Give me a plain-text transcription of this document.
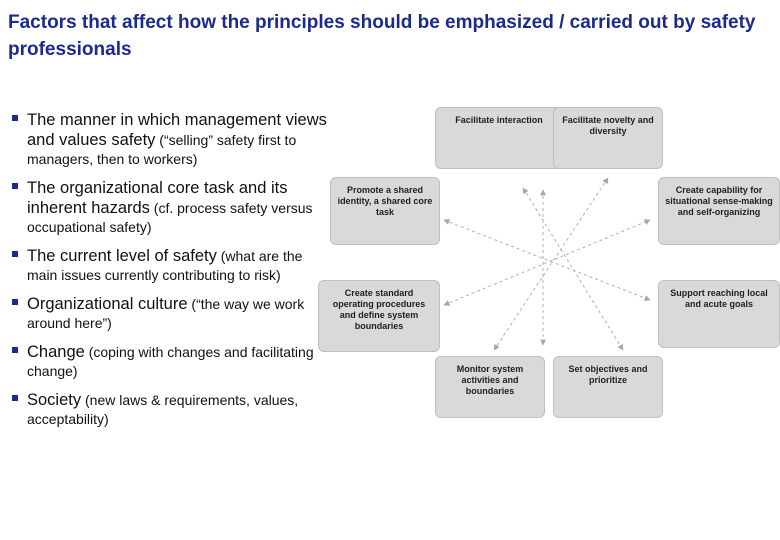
Factors that affect how the principles should be emphasized / carried out by safety professionals
The manner in which management views and values safety (“selling” safety first to managers, then to workers)
The organizational core task and its inherent hazards (cf. process safety versus occupational safety)
The current level of safety (what are the main issues currently contributing to risk)
Organizational culture (“the way we work around here”)
Change (coping with changes and facilitating change)
Society (new laws & requirements, values, acceptability)
Facilitate interaction	Facilitate novelty and diversity
Promote a shared identity, a shared core task
Create capability for situational sense-making and self-organizing
Create standard operating procedures and define system boundaries
Support reaching local and acute goals
Monitor system activities and boundaries
Set objectives and prioritize
